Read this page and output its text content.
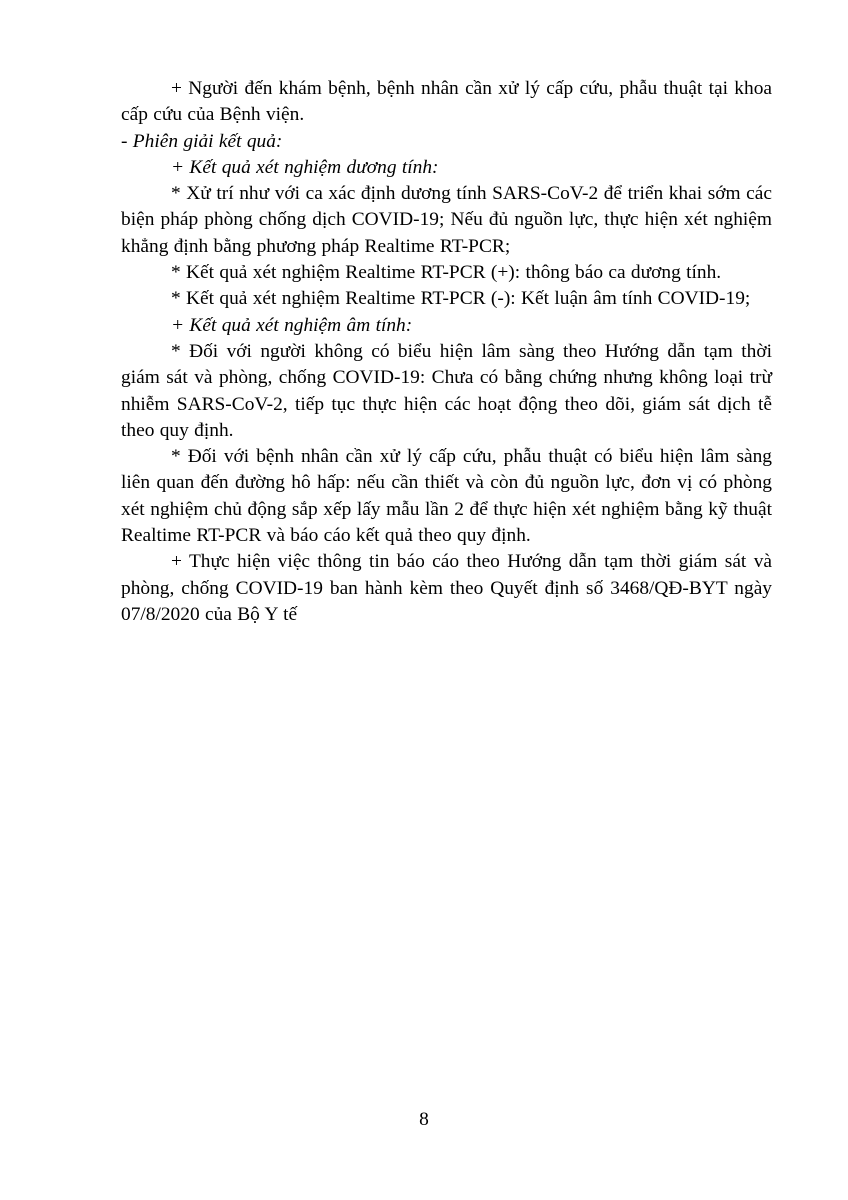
+ Người đến khám bệnh, bệnh nhân cần xử lý cấp cứu, phẫu thuật tại khoa cấp cứu của Bệnh viện.

- Phiên giải kết quả:

+ Kết quả xét nghiệm dương tính:

* Xử trí như với ca xác định dương tính SARS-CoV-2 để triển khai sớm các biện pháp phòng chống dịch COVID-19; Nếu đủ nguồn lực, thực hiện xét nghiệm khẳng định bằng phương pháp Realtime RT-PCR;

* Kết quả xét nghiệm Realtime RT-PCR (+): thông báo ca dương tính.

* Kết quả xét nghiệm Realtime RT-PCR (-): Kết luận âm tính COVID-19;

+ Kết quả xét nghiệm âm tính:

* Đối với người không có biểu hiện lâm sàng theo Hướng dẫn tạm thời giám sát và phòng, chống COVID-19: Chưa có bằng chứng nhưng không loại trừ nhiễm SARS-CoV-2, tiếp tục thực hiện các hoạt động theo dõi, giám sát dịch tễ theo quy định.

* Đối với bệnh nhân cần xử lý cấp cứu, phẫu thuật có biểu hiện lâm sàng liên quan đến đường hô hấp: nếu cần thiết và còn đủ nguồn lực, đơn vị có phòng xét nghiệm chủ động sắp xếp lấy mẫu lần 2 để thực hiện xét nghiệm bằng kỹ thuật Realtime RT-PCR và báo cáo kết quả theo quy định.

+ Thực hiện việc thông tin báo cáo theo Hướng dẫn tạm thời giám sát và phòng, chống COVID-19 ban hành kèm theo Quyết định số 3468/QĐ-BYT ngày 07/8/2020 của Bộ Y tế

8
